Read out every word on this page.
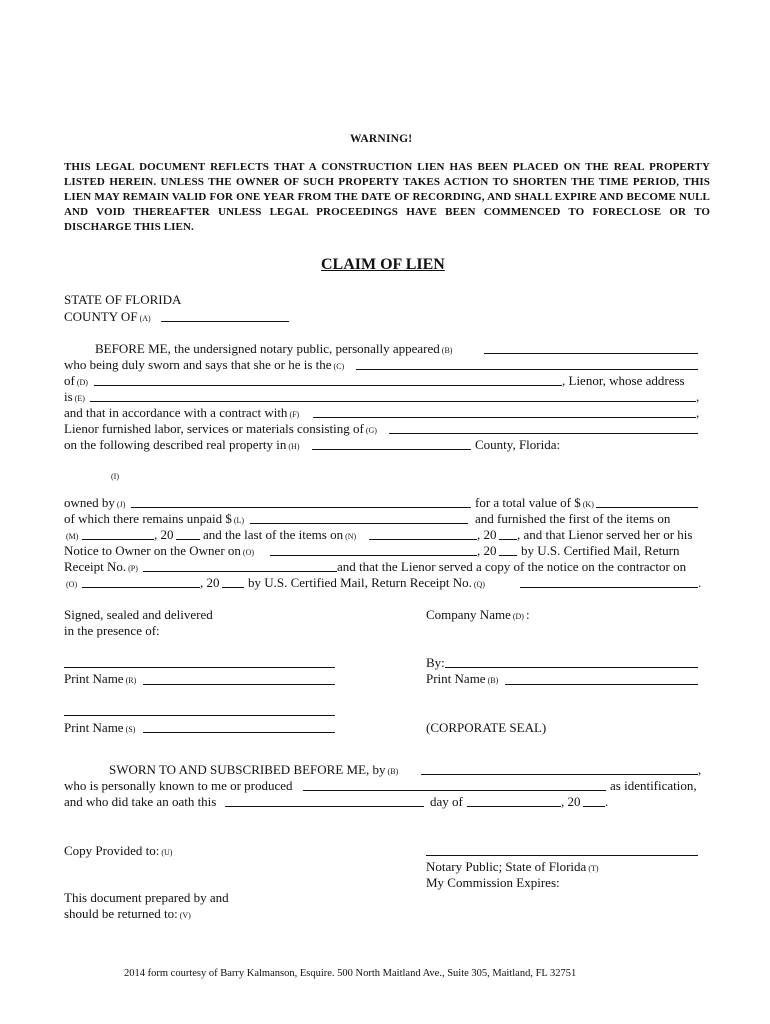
WARNING!
THIS LEGAL DOCUMENT REFLECTS THAT A CONSTRUCTION LIEN HAS BEEN PLACED ON THE REAL PROPERTY LISTED HEREIN. UNLESS THE OWNER OF SUCH PROPERTY TAKES ACTION TO SHORTEN THE TIME PERIOD, THIS LIEN MAY REMAIN VALID FOR ONE YEAR FROM THE DATE OF RECORDING, AND SHALL EXPIRE AND BECOME NULL AND VOID THEREAFTER UNLESS LEGAL PROCEEDINGS HAVE BEEN COMMENCED TO FORECLOSE OR TO DISCHARGE THIS LIEN.
CLAIM OF LIEN
STATE OF FLORIDA
COUNTY OF (A)
BEFORE ME, the undersigned notary public, personally appeared (B)
who being duly sworn and says that she or he is the (C)
of (D)	, Lienor, whose address
is (E)	,
and that in accordance with a contract with (F)	,
Lienor furnished labor, services or materials consisting of (G)
on the following described real property in (H)	County, Florida:
(I)
owned by (J)	for a total value of $ (K)
of which there remains unpaid $ (L)	and furnished the first of the items on
(M)	, 20 and the last of the items on (N)	, 20 , and that Lienor served her or his
Notice to Owner on the Owner on (O)	, 20 by U.S. Certified Mail, Return
Receipt No. (P)	and that the Lienor served a copy of the notice on the contractor on
(O)	, 20 by U.S. Certified Mail, Return Receipt No. (Q)	.
Signed, sealed and delivered
in the presence of:
Company Name (D) :
By:
Print Name (R)	Print Name (B)
Print Name (S)	(CORPORATE SEAL)
SWORN TO AND SUBSCRIBED BEFORE ME, by (B)	,
who is personally known to me or produced	as identification,
and who did take an oath this	day of	, 20 .
Copy Provided to: (U)
Notary Public; State of Florida (T)
My Commission Expires:
This document prepared by and
should be returned to: (V)
2014 form courtesy of Barry Kalmanson, Esquire. 500 North Maitland Ave., Suite 305, Maitland, FL 32751
